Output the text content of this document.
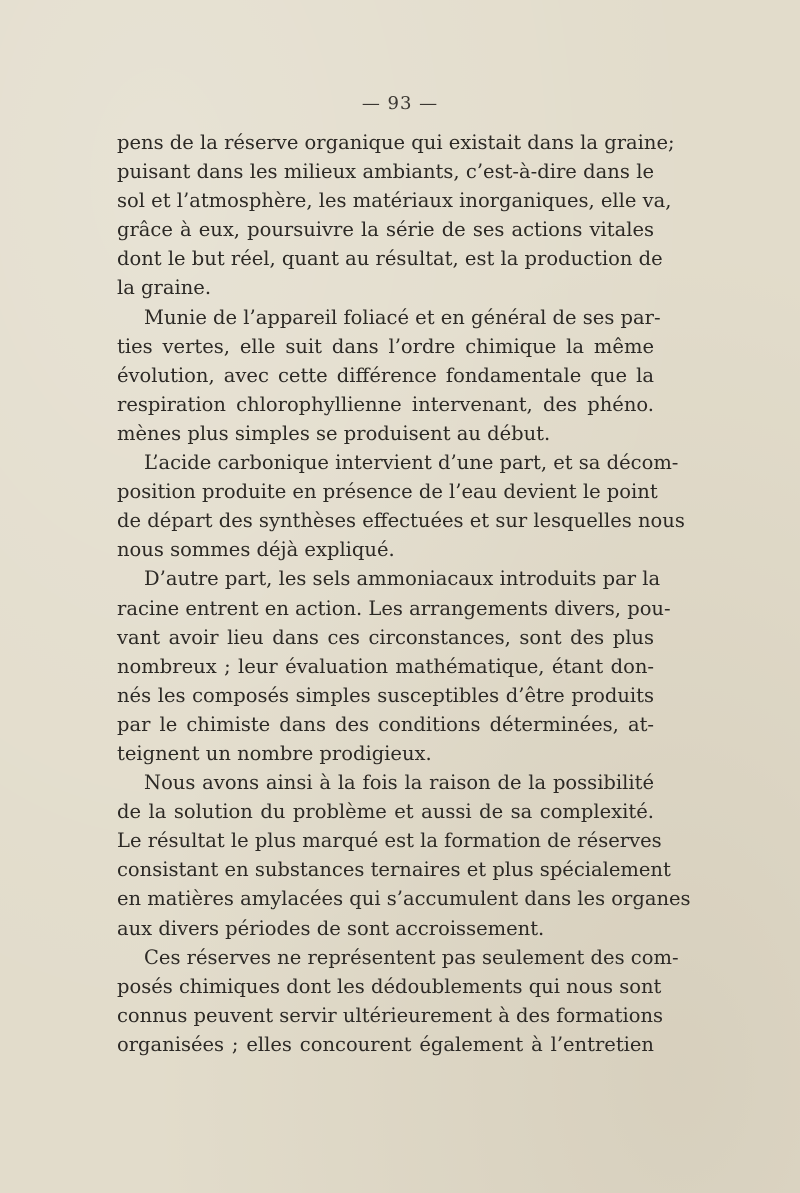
— 93 —
pens de la réserve organique qui existait dans la graine;
puisant dans les milieux ambiants, c’est-à-dire dans le
sol et l’atmosphère, les matériaux inorganiques, elle va,
grâce à eux, poursuivre la série de ses actions vitales
dont le but réel, quant au résultat, est la production de
la graine.
Munie de l’appareil foliacé et en général de ses par-
ties vertes, elle suit dans l’ordre chimique la même
évolution, avec cette différence fondamentale que la
respiration chlorophyllienne intervenant, des phéno.
mènes plus simples se produisent au début.
L’acide carbonique intervient d’une part, et sa décom-
position produite en présence de l’eau devient le point
de départ des synthèses effectuées et sur lesquelles nous
nous sommes déjà expliqué.
D’autre part, les sels ammoniacaux introduits par la
racine entrent en action. Les arrangements divers, pou-
vant avoir lieu dans ces circonstances, sont des plus
nombreux ; leur évaluation mathématique, étant don-
nés les composés simples susceptibles d’être produits
par le chimiste dans des conditions déterminées, at-
teignent un nombre prodigieux.
Nous avons ainsi à la fois la raison de la possibilité
de la solution du problème et aussi de sa complexité.
Le résultat le plus marqué est la formation de réserves
consistant en substances ternaires et plus spécialement
en matières amylacées qui s’accumulent dans les organes
aux divers périodes de sont accroissement.
Ces réserves ne représentent pas seulement des com-
posés chimiques dont les dédoublements qui nous sont
connus peuvent servir ultérieurement à des formations
organisées ; elles concourent également à l’entretien
